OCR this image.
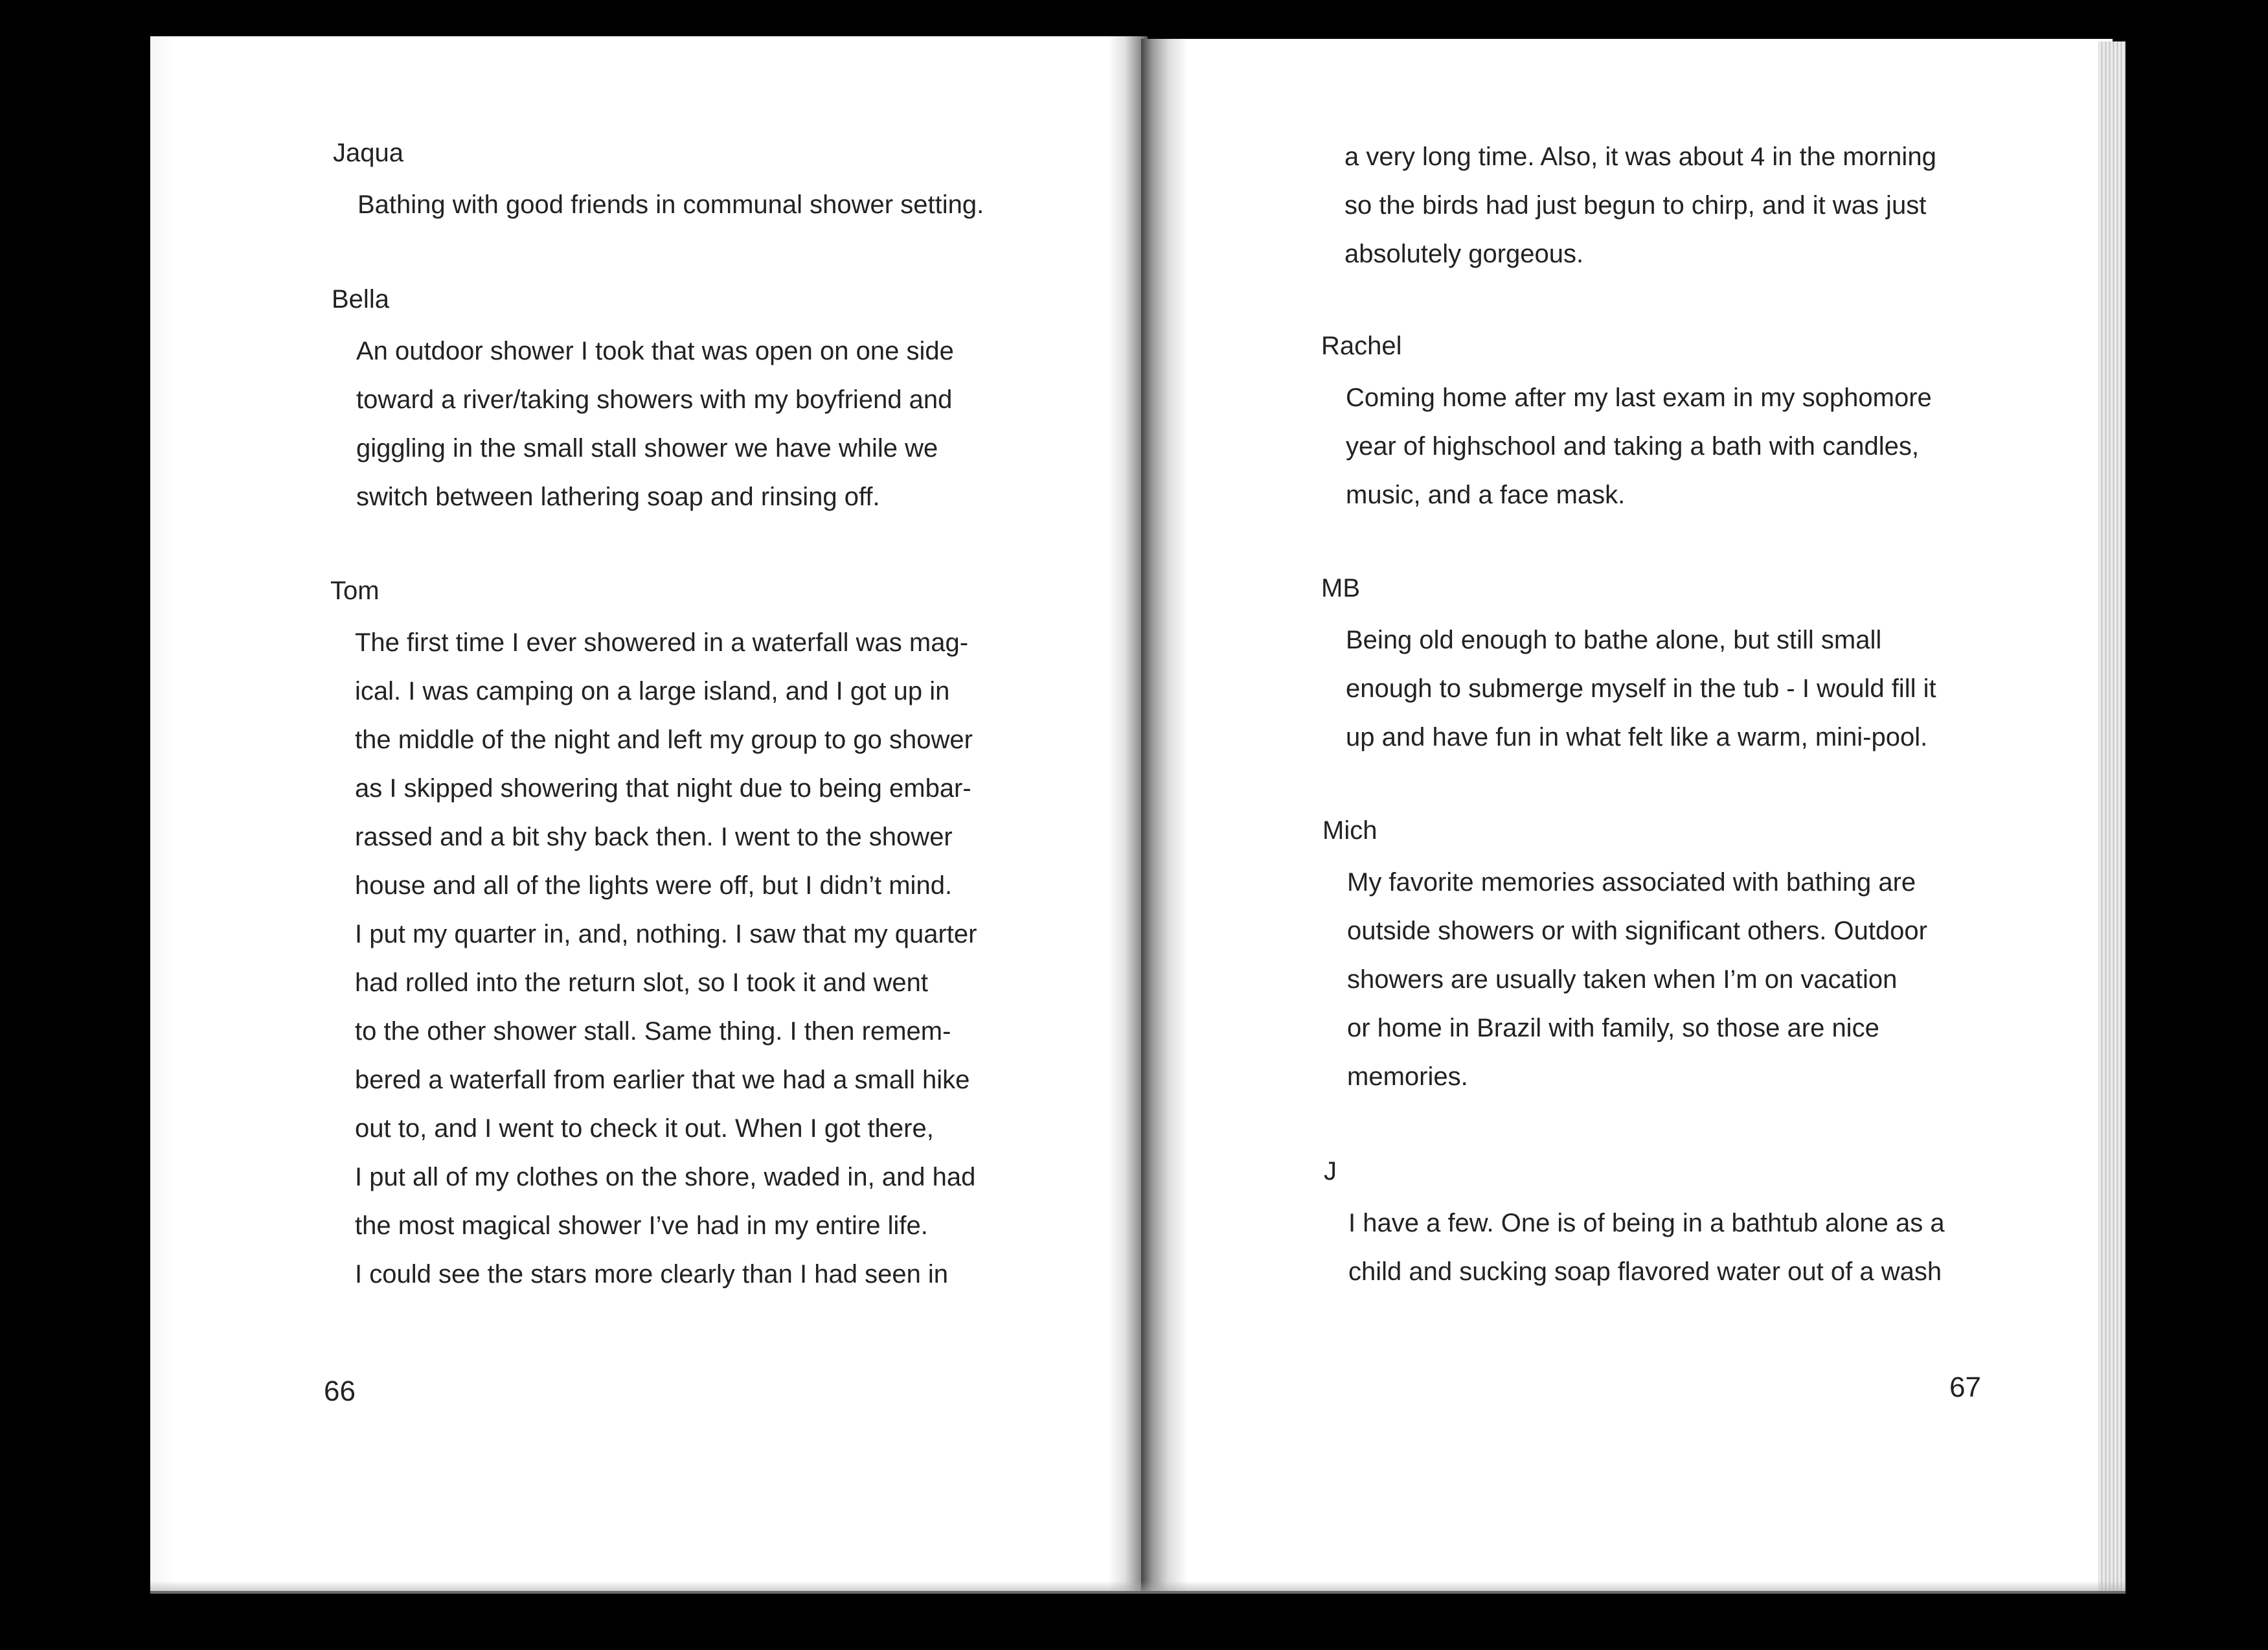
Jaqua
Bathing with good friends in communal shower setting.
Bella
An outdoor shower I took that was open on one side
toward a river/taking showers with my boyfriend and
giggling in the small stall shower we have while we
switch between lathering soap and rinsing off.
Tom
The first time I ever showered in a waterfall was mag-
ical. I was camping on a large island, and I got up in
the middle of the night and left my group to go shower
as I skipped showering that night due to being embar-
rassed and a bit shy back then. I went to the shower
house and all of the lights were off, but I didn’t mind.
I put my quarter in, and, nothing. I saw that my quarter
had rolled into the return slot, so I took it and went
to the other shower stall. Same thing. I then remem-
bered a waterfall from earlier that we had a small hike
out to, and I went to check it out. When I got there,
I put all of my clothes on the shore, waded in, and had
the most magical shower I’ve had in my entire life.
I could see the stars more clearly than I had seen in
66
a very long time. Also, it was about 4 in the morning
so the birds had just begun to chirp, and it was just
absolutely gorgeous.
Rachel
Coming home after my last exam in my sophomore
year of highschool and taking a bath with candles,
music, and a face mask.
MB
Being old enough to bathe alone, but still small
enough to submerge myself in the tub - I would fill it
up and have fun in what felt like a warm, mini-pool.
Mich
My favorite memories associated with bathing are
outside showers or with significant others. Outdoor
showers are usually taken when I’m on vacation
or home in Brazil with family, so those are nice
memories.
J
I have a few. One is of being in a bathtub alone as a
child and sucking soap flavored water out of a wash
67
